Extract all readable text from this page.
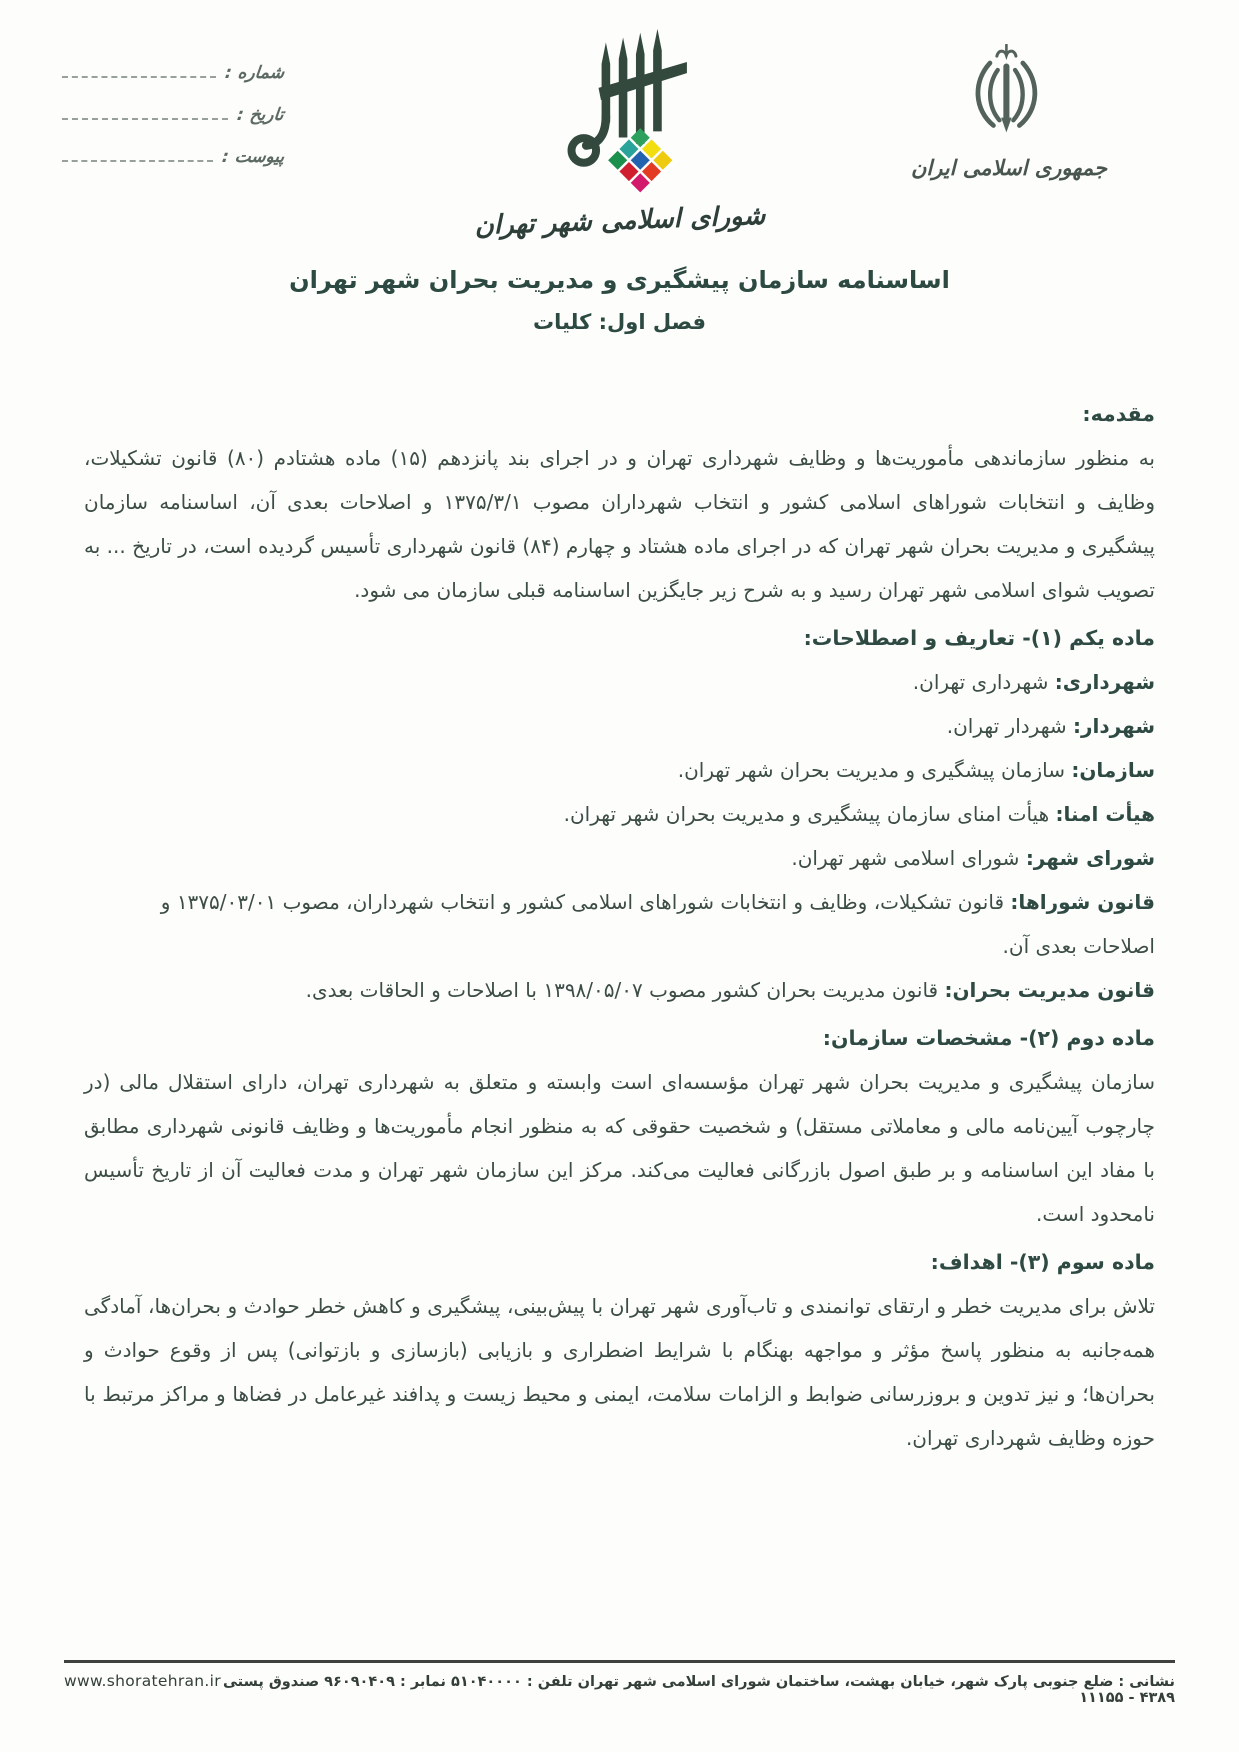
شماره :
تاریخ :
پیوست :
شورای اسلامی شهر تهران
جمهوری اسلامی ایران
اساسنامه سازمان پیشگیری و مدیریت بحران شهر تهران
فصل اول: کلیات
مقدمه:

به منظور سازماندهی مأموریت‌ها و وظایف شهرداری تهران و در اجرای بند پانزدهم (۱۵) ماده هشتادم (۸۰) قانون تشکیلات، وظایف و انتخابات شوراهای اسلامی کشور و انتخاب شهرداران مصوب ۱۳۷۵/۳/۱ و اصلاحات بعدی آن، اساسنامه سازمان پیشگیری و مدیریت بحران شهر تهران که در اجرای ماده هشتاد و چهارم (۸۴) قانون شهرداری تأسیس گردیده است، در تاریخ ... به تصویب شوای اسلامی شهر تهران رسید و به شرح زیر جایگزین اساسنامه قبلی سازمان می شود.

ماده یکم (۱)- تعاریف و اصطلاحات:

شهرداری: شهرداری تهران.

شهردار: شهردار تهران.

سازمان: سازمان پیشگیری و مدیریت بحران شهر تهران.

هیأت امنا: هیأت امنای سازمان پیشگیری و مدیریت بحران شهر تهران.

شورای شهر: شورای اسلامی شهر تهران.

قانون شوراها: قانون تشکیلات، وظایف و انتخابات شوراهای اسلامی کشور و انتخاب شهرداران، مصوب ۱۳۷۵/۰۳/۰۱ و اصلاحات بعدی آن.

قانون مدیریت بحران: قانون مدیریت بحران کشور مصوب ۱۳۹۸/۰۵/۰۷ با اصلاحات و الحاقات بعدی.

ماده دوم (۲)- مشخصات سازمان:

سازمان پیشگیری و مدیریت بحران شهر تهران مؤسسه‌ای است وابسته و متعلق به شهرداری تهران، دارای استقلال مالی (در چارچوب آیین‌نامه مالی و معاملاتی مستقل) و شخصیت حقوقی که به منظور انجام مأموریت‌ها و وظایف قانونی شهرداری مطابق با مفاد این اساسنامه و بر طبق اصول بازرگانی فعالیت می‌کند. مرکز این سازمان شهر تهران و مدت فعالیت آن از تاریخ تأسیس نامحدود است.

ماده سوم (۳)- اهداف:

تلاش برای مدیریت خطر و ارتقای توانمندی و تاب‌آوری شهر تهران با پیش‌بینی، پیشگیری و کاهش خطر حوادث و بحران‌ها، آمادگی همه‌جانبه به منظور پاسخ مؤثر و مواجهه بهنگام با شرایط اضطراری و بازیابی (بازسازی و بازتوانی) پس از وقوع حوادث و بحران‌ها؛ و نیز تدوین و بروزرسانی ضوابط و الزامات سلامت، ایمنی و محیط زیست و پدافند غیرعامل در فضاها و مراکز مرتبط با حوزه وظایف شهرداری تهران.

نشانی : ضلع جنوبی پارک شهر، خیابان بهشت، ساختمان شورای اسلامی شهر تهران تلفن : ۵۱۰۴۰۰۰۰ نمابر : ۹۶۰۹۰۴۰۹ صندوق پستی ۴۳۸۹ - ۱۱۱۵۵
www.shoratehran.ir
